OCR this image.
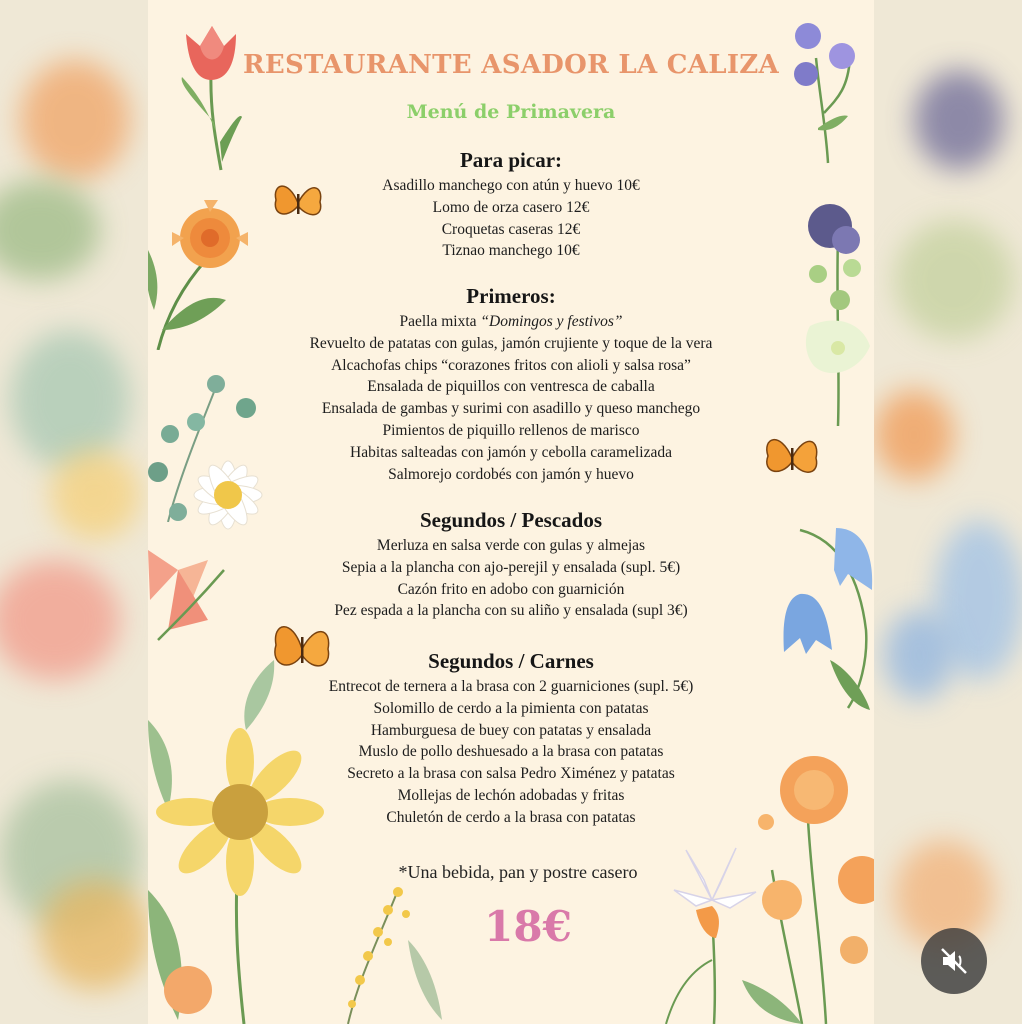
RESTAURANTE ASADOR LA CALIZA
Menú de Primavera
Para picar:
Asadillo manchego con atún y huevo 10€
Lomo de orza casero 12€
Croquetas caseras 12€
Tiznao manchego 10€
Primeros:
Paella mixta “Domingos y festivos”
Revuelto de patatas con gulas, jamón crujiente y toque de la vera
Alcachofas chips “corazones fritos con alioli y salsa rosa”
Ensalada de piquillos con ventresca de caballa
Ensalada de gambas y surimi con asadillo y queso manchego
Pimientos de piquillo rellenos de marisco
Habitas salteadas con jamón y cebolla caramelizada
Salmorejo cordobés con jamón y huevo
Segundos / Pescados
Merluza en salsa verde con gulas y almejas
Sepia a la plancha con ajo-perejil y ensalada (supl. 5€)
Cazón frito en adobo con guarnición
Pez espada a la plancha con su aliño y ensalada (supl 3€)
Segundos / Carnes
Entrecot de ternera a la brasa con 2 guarniciones (supl. 5€)
Solomillo de cerdo a la pimienta con patatas
Hamburguesa de buey con patatas y ensalada
Muslo de pollo deshuesado a la brasa con patatas
Secreto a la brasa con salsa Pedro Ximénez y patatas
Mollejas de lechón adobadas y fritas
Chuletón de cerdo a la brasa con patatas
*Una bebida, pan y postre casero
18€
